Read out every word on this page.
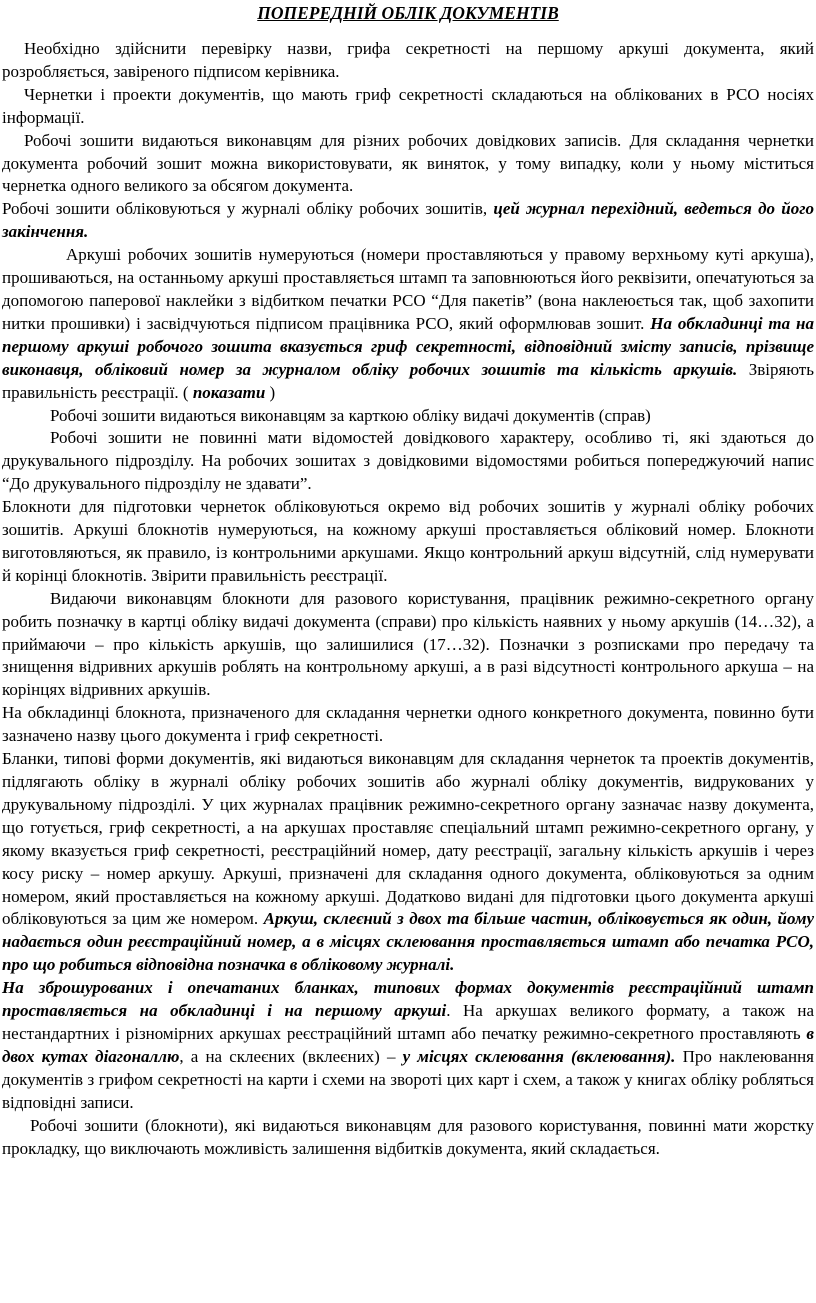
ПОПЕРЕДНІЙ ОБЛІК ДОКУМЕНТІВ

Необхідно здійснити перевірку назви, грифа секретності на першому аркуші документа, який розробляється, завіреного підписом керівника.

Чернетки і проекти документів, що мають гриф секретності складаються на облікованих в РСО носіях інформації.

Робочі зошити видаються виконавцям для різних робочих довідкових записів. Для складання чернетки документа робочий зошит можна використовувати, як виняток, у тому випадку, коли у ньому міститься чернетка одного великого за обсягом документа.

Робочі зошити обліковуються у журналі обліку робочих зошитів, цей журнал перехідний, ведеться до його закінчення.

Аркуші робочих зошитів нумеруються (номери проставляються у правому верхньому куті аркуша), прошиваються, на останньому аркуші проставляється штамп та заповнюються його реквізити, опечатуються за допомогою паперової наклейки з відбитком печатки РСО “Для пакетів” (вона наклеюється так, щоб захопити нитки прошивки) і засвідчуються підписом працівника РСО, який оформлював зошит. На обкладинці та на першому аркуші робочого зошита вказується гриф секретності, відповідний змісту записів, прізвище виконавця, обліковий номер за журналом обліку робочих зошитів та кількість аркушів. Звіряють правильність реєстрації. ( показати )

Робочі зошити видаються виконавцям за карткою обліку видачі документів (справ)

Робочі зошити не повинні мати відомостей довідкового характеру, особливо ті, які здаються до друкувального підрозділу. На робочих зошитах з довідковими відомостями робиться попереджуючий напис “До друкувального підрозділу не здавати”.

Блокноти для підготовки чернеток обліковуються окремо від робочих зошитів у журналі обліку робочих зошитів. Аркуші блокнотів нумеруються, на кожному аркуші проставляється обліковий номер. Блокноти виготовляються, як правило, із контрольними аркушами. Якщо контрольний аркуш відсутній, слід нумерувати й корінці блокнотів. Звірити правильність реєстрації.

Видаючи виконавцям блокноти для разового користування, працівник режимно-секретного органу робить позначку в картці обліку видачі документа (справи) про кількість наявних у ньому аркушів (14…32), а приймаючи – про кількість аркушів, що залишилися (17…32). Позначки з розписками про передачу та знищення відривних аркушів роблять на контрольному аркуші, а в разі відсутності контрольного аркуша – на корінцях відривних аркушів.

На обкладинці блокнота, призначеного для складання чернетки одного конкретного документа, повинно бути зазначено назву цього документа і гриф секретності.

Бланки, типові форми документів, які видаються виконавцям для складання чернеток та проектів документів, підлягають обліку в журналі обліку робочих зошитів або журналі обліку документів, видрукованих у друкувальному підрозділі. У цих журналах працівник режимно-секретного органу зазначає назву документа, що готується, гриф секретності, а на аркушах проставляє спеціальний штамп режимно-секретного органу, у якому вказується гриф секретності, реєстраційний номер, дату реєстрації, загальну кількість аркушів і через косу риску – номер аркушу. Аркуші, призначені для складання одного документа, обліковуються за одним номером, який проставляється на кожному аркуші. Додатково видані для підготовки цього документа аркуші обліковуються за цим же номером. Аркуш, склеєний з двох та більше частин, обліковується як один, йому надається один реєстраційний номер, а в місцях склеювання проставляється штамп або печатка РСО, про що робиться відповідна позначка в обліковому журналі.

На зброшурованих і опечатаних бланках, типових формах документів реєстраційний штамп проставляється на обкладинці і на першому аркуші. На аркушах великого формату, а також на нестандартних і різномірних аркушах реєстраційний штамп або печатку режимно-секретного проставляють в двох кутах діагоналлю, а на склеєних (вклеєних) – у місцях склеювання (вклеювання). Про наклеювання документів з грифом секретності на карти і схеми на звороті цих карт і схем, а також у книгах обліку робляться відповідні записи.

Робочі зошити (блокноти), які видаються виконавцям для разового користування, повинні мати жорстку прокладку, що виключають можливість залишення відбитків документа, який складається.
